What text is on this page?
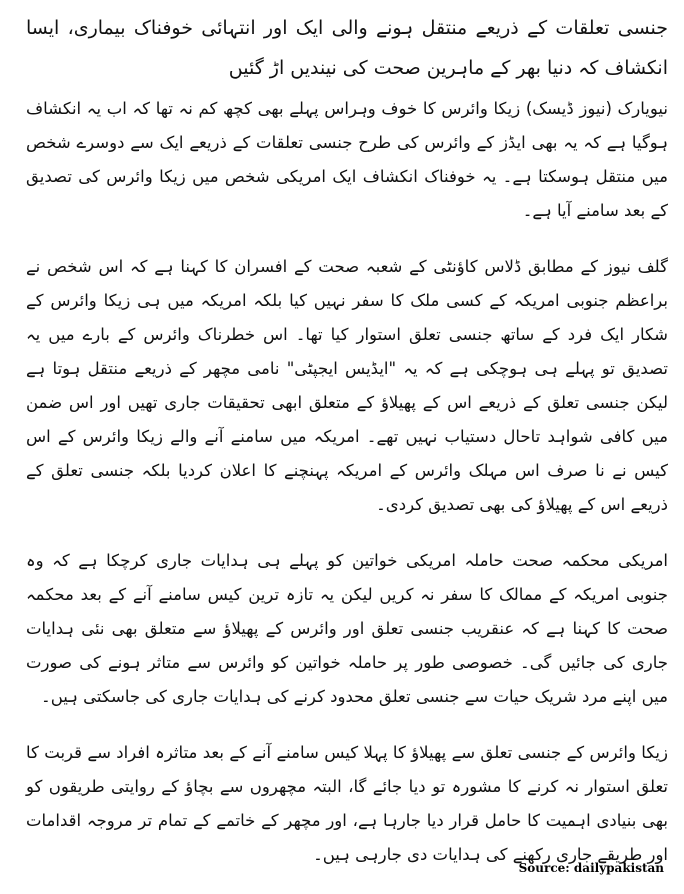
جنسی تعلقات کے ذریعے منتقل ہونے والی ایک اور انتہائی خوفناک بیماری، ایسا انکشاف کہ دنیا بھر کے ماہرین صحت کی نیندیں اڑ گئیں
نیویارک (نیوز ڈیسک) زیکا وائرس کا خوف وہراس پہلے بھی کچھ کم نہ تھا کہ اب یہ انکشاف ہوگیا ہے کہ یہ بھی ایڈز کے وائرس کی طرح جنسی تعلقات کے ذریعے ایک سے دوسرے شخص میں منتقل ہوسکتا ہے۔ یہ خوفناک انکشاف ایک امریکی شخص میں زیکا وائرس کی تصدیق کے بعد سامنے آیا ہے۔
گلف نیوز کے مطابق ڈلاس کاؤنٹی کے شعبہ صحت کے افسران کا کہنا ہے کہ اس شخص نے براعظم جنوبی امریکہ کے کسی ملک کا سفر نہیں کیا بلکہ امریکہ میں ہی زیکا وائرس کے شکار ایک فرد کے ساتھ جنسی تعلق استوار کیا تھا۔ اس خطرناک وائرس کے بارے میں یہ تصدیق تو پہلے ہی ہوچکی ہے کہ یہ "ایڈیس ایجپٹی" نامی مچھر کے ذریعے منتقل ہوتا ہے لیکن جنسی تعلق کے ذریعے اس کے پھیلاؤ کے متعلق ابھی تحقیقات جاری تھیں اور اس ضمن میں کافی شواہد تاحال دستیاب نہیں تھے۔ امریکہ میں سامنے آنے والے زیکا وائرس کے اس کیس نے نا صرف اس مہلک وائرس کے امریکہ پہنچنے کا اعلان کردیا بلکہ جنسی تعلق کے ذریعے اس کے پھیلاؤ کی بھی تصدیق کردی۔
امریکی محکمہ صحت حاملہ امریکی خواتین کو پہلے ہی ہدایات جاری کرچکا ہے کہ وہ جنوبی امریکہ کے ممالک کا سفر نہ کریں لیکن یہ تازہ ترین کیس سامنے آنے کے بعد محکمہ صحت کا کہنا ہے کہ عنقریب جنسی تعلق اور وائرس کے پھیلاؤ سے متعلق بھی نئی ہدایات جاری کی جائیں گی۔ خصوصی طور پر حاملہ خواتین کو وائرس سے متاثر ہونے کی صورت میں اپنے مرد شریک حیات سے جنسی تعلق محدود کرنے کی ہدایات جاری کی جاسکتی ہیں۔
زیکا وائرس کے جنسی تعلق سے پھیلاؤ کا پہلا کیس سامنے آنے کے بعد متاثرہ افراد سے قربت کا تعلق استوار نہ کرنے کا مشورہ تو دیا جائے گا، البتہ مچھروں سے بچاؤ کے روایتی طریقوں کو بھی بنیادی اہمیت کا حامل قرار دیا جارہا ہے، اور مچھر کے خاتمے کے تمام تر مروجہ اقدامات اور طریقے جاری رکھنے کی ہدایات دی جارہی ہیں۔
Source: dailypakistan
